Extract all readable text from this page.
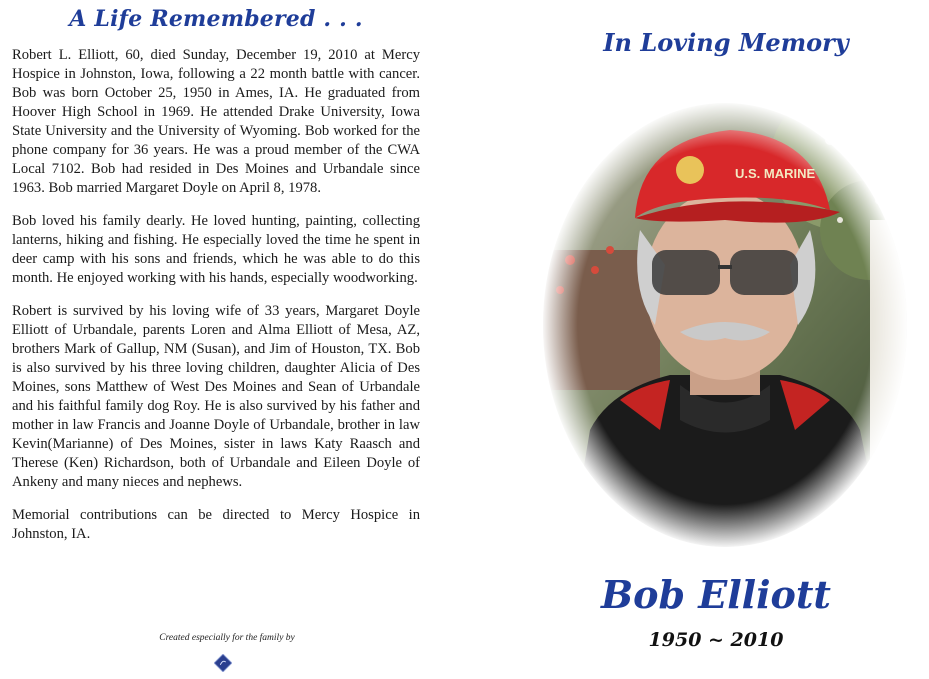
A Life Remembered . . .

Robert L. Elliott, 60, died Sunday, December 19, 2010 at Mercy Hospice in Johnston, Iowa, following a 22 month battle with cancer. Bob was born October 25, 1950 in Ames, IA. He graduated from Hoover High School in 1969. He attended Drake University, Iowa State University and the University of Wyoming. Bob worked for the phone company for 36 years. He was a proud member of the CWA Local 7102. Bob had resided in Des Moines and Urbandale since 1963. Bob married Margaret Doyle on April 8, 1978.

Bob loved his family dearly. He loved hunting, painting, collecting lanterns, hiking and fishing. He especially loved the time he spent in deer camp with his sons and friends, which he was able to do this month. He enjoyed working with his hands, especially woodworking.

Robert is survived by his loving wife of 33 years, Margaret Doyle Elliott of Urbandale, parents Loren and Alma Elliott of Mesa, AZ, brothers Mark of Gallup, NM (Susan), and Jim of Houston, TX. Bob is also survived by his three loving children, daughter Alicia of Des Moines, sons Matthew of West Des Moines and Sean of Urbandale and his faithful family dog Roy. He is also survived by his father and mother in law Francis and Joanne Doyle of Urbandale, brother in law Kevin(Marianne) of Des Moines, sister in laws Katy Raasch and Therese (Ken) Richardson, both of Urbandale and Eileen Doyle of Ankeny and many nieces and nephews.

Memorial contributions can be directed to Mercy Hospice in Johnston, IA.

Created especially for the family by
In Loving Memory
Bob Elliott
1950 ~ 2010
